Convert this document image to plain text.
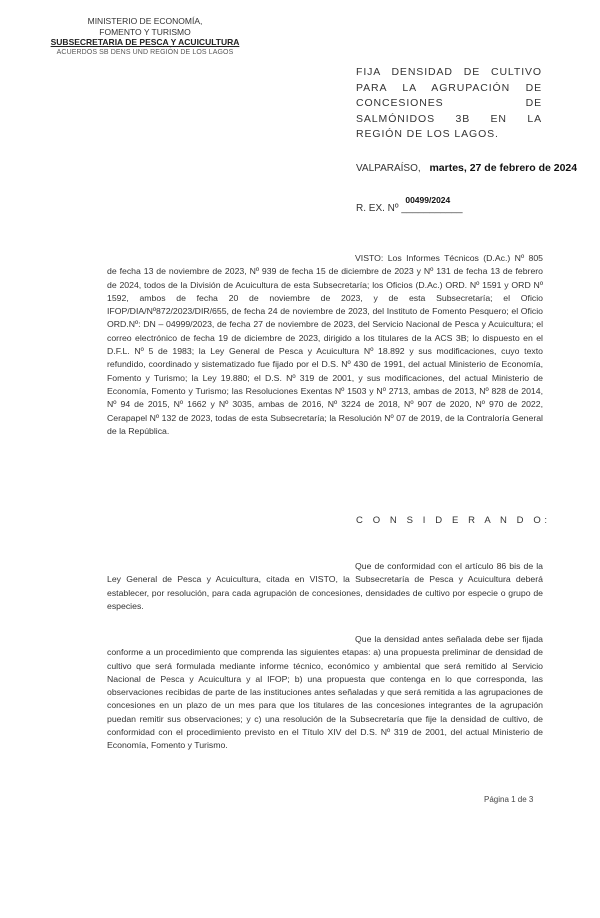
MINISTERIO DE ECONOMÍA,
FOMENTO Y TURISMO
SUBSECRETARIA DE PESCA Y ACUICULTURA
ACUERDOS SB DENS UND REGIÓN DE LOS LAGOS
FIJA DENSIDAD DE CULTIVO PARA LA AGRUPACIÓN DE CONCESIONES DE SALMÓNIDOS 3B EN LA REGIÓN DE LOS LAGOS.
VALPARAÍSO, martes, 27 de febrero de 2024
R. EX. Nº
00499/2024
___________
VISTO: Los Informes Técnicos (D.Ac.) Nº 805 de fecha 13 de noviembre de 2023, Nº 939 de fecha 15 de diciembre de 2023 y Nº 131 de fecha 13 de febrero de 2024, todos de la División de Acuicultura de esta Subsecretaría; los Oficios (D.Ac.) ORD. Nº 1591 y ORD Nº 1592, ambos de fecha 20 de noviembre de 2023, y de esta Subsecretaría; el Oficio IFOP/DIA/Nº872/2023/DIR/655, de fecha 24 de noviembre de 2023, del Instituto de Fomento Pesquero; el Oficio ORD.Nº: DN – 04999/2023, de fecha 27 de noviembre de 2023, del Servicio Nacional de Pesca y Acuicultura; el correo electrónico de fecha 19 de diciembre de 2023, dirigido a los titulares de la ACS 3B; lo dispuesto en el D.F.L. Nº 5 de 1983; la Ley General de Pesca y Acuicultura Nº 18.892 y sus modificaciones, cuyo texto refundido, coordinado y sistematizado fue fijado por el D.S. Nº 430 de 1991, del actual Ministerio de Economía, Fomento y Turismo; la Ley 19.880; el D.S. Nº 319 de 2001, y sus modificaciones, del actual Ministerio de Economía, Fomento y Turismo; las Resoluciones Exentas Nº 1503 y Nº 2713, ambas de 2013, Nº 828 de 2014, Nº 94 de 2015, Nº 1662 y Nº 3035, ambas de 2016, Nº 3224 de 2018, Nº 907 de 2020, Nº 970 de 2022, Cerapapel Nº 132 de 2023, todas de esta Subsecretaría; la Resolución Nº 07 de 2019, de la Contraloría General de la República.
C O N S I D E R A N D O:
Que de conformidad con el artículo 86 bis de la Ley General de Pesca y Acuicultura, citada en VISTO, la Subsecretaría de Pesca y Acuicultura deberá establecer, por resolución, para cada agrupación de concesiones, densidades de cultivo por especie o grupo de especies.
Que la densidad antes señalada debe ser fijada conforme a un procedimiento que comprenda las siguientes etapas: a) una propuesta preliminar de densidad de cultivo que será formulada mediante informe técnico, económico y ambiental que será remitido al Servicio Nacional de Pesca y Acuicultura y al IFOP; b) una propuesta que contenga en lo que corresponda, las observaciones recibidas de parte de las instituciones antes señaladas y que será remitida a las agrupaciones de concesiones en un plazo de un mes para que los titulares de las concesiones integrantes de la agrupación puedan remitir sus observaciones; y c) una resolución de la Subsecretaría que fije la densidad de cultivo, de conformidad con el procedimiento previsto en el Título XIV del D.S. Nº 319 de 2001, del actual Ministerio de Economía, Fomento y Turismo.
Página 1 de 3
